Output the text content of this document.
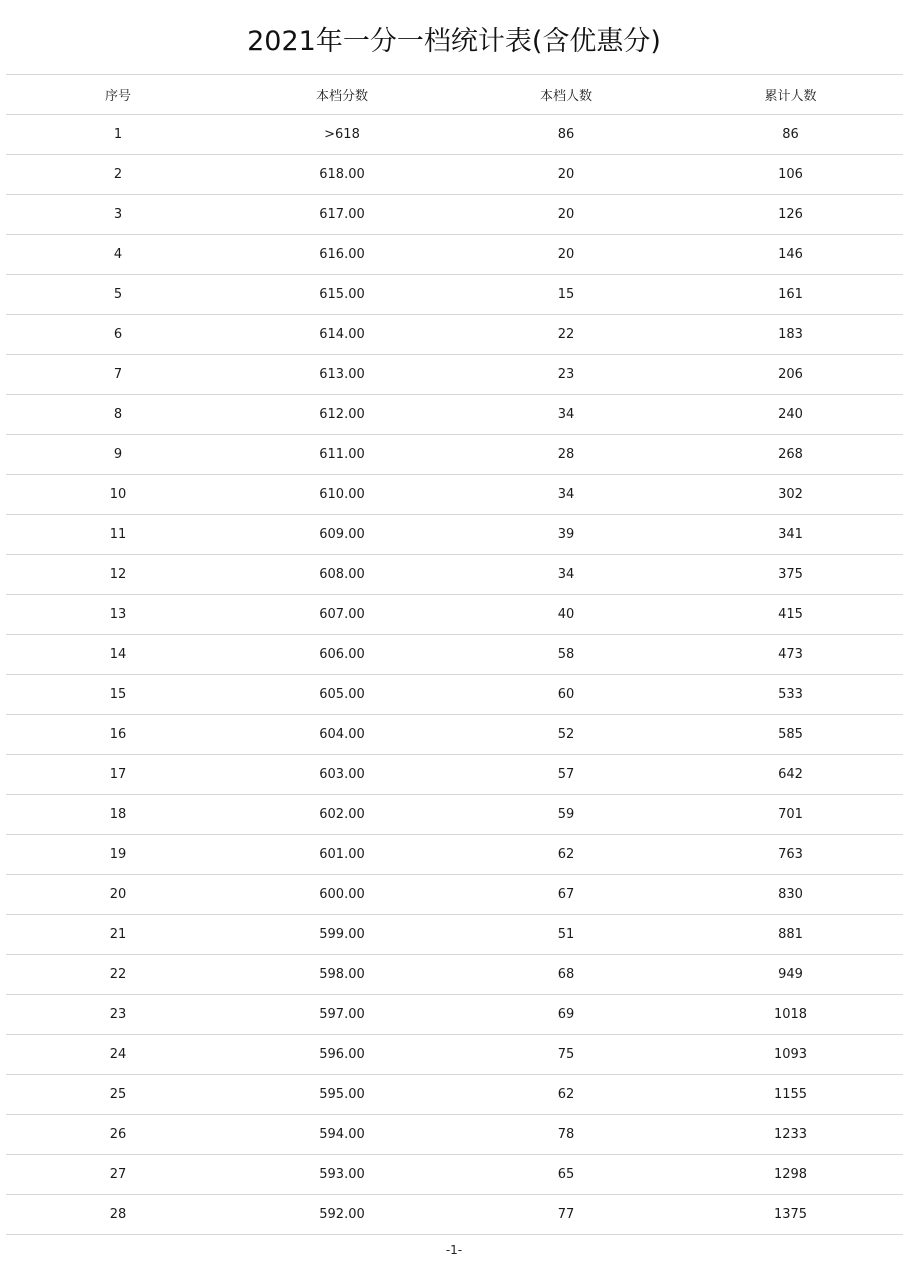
2021年一分一档统计表(含优惠分)
序号	本档分数	本档人数	累计人数
1	>618	86	86
2	618.00	20	106
3	617.00	20	126
4	616.00	20	146
5	615.00	15	161
6	614.00	22	183
7	613.00	23	206
8	612.00	34	240
9	611.00	28	268
10	610.00	34	302
11	609.00	39	341
12	608.00	34	375
13	607.00	40	415
14	606.00	58	473
15	605.00	60	533
16	604.00	52	585
17	603.00	57	642
18	602.00	59	701
19	601.00	62	763
20	600.00	67	830
21	599.00	51	881
22	598.00	68	949
23	597.00	69	1018
24	596.00	75	1093
25	595.00	62	1155
26	594.00	78	1233
27	593.00	65	1298
28	592.00	77	1375
-1-
